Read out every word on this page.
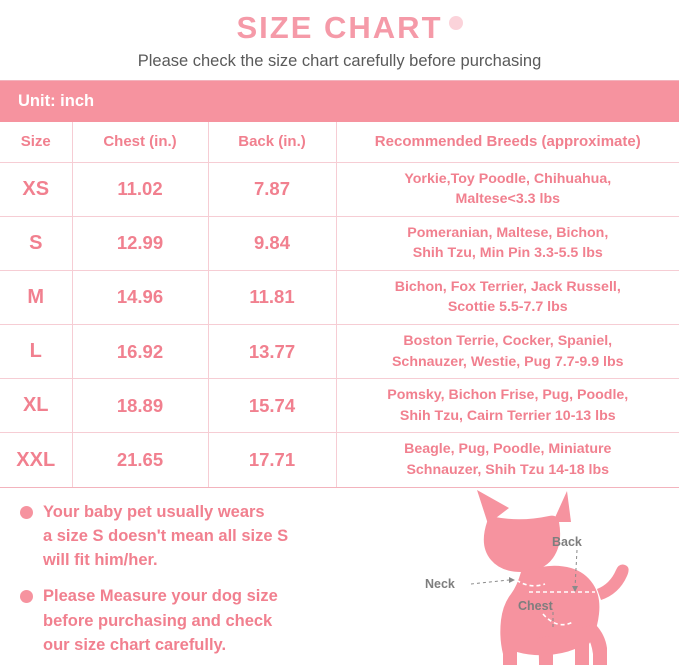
SIZE CHART

Please check the size chart carefully before purchasing

Unit: inch			
Size	Chest (in.)	Back (in.)	Recommended Breeds (approximate)
XS	11.02	7.87	Yorkie,Toy Poodle, Chihuahua,
Maltese<3.3 lbs

S	12.99	9.84	Pomeranian, Maltese, Bichon,
Shih Tzu, Min Pin 3.3-5.5 lbs

M	14.96	11.81	Bichon, Fox Terrier, Jack Russell,
Scottie 5.5-7.7 lbs

L	16.92	13.77	Boston Terrie, Cocker, Spaniel,
Schnauzer, Westie, Pug 7.7-9.9 lbs

XL	18.89	15.74	Pomsky, Bichon Frise, Pug, Poodle,
Shih Tzu, Cairn Terrier 10-13 lbs

XXL	21.65	17.71	Beagle, Pug, Poodle, Miniature
Schnauzer, Shih Tzu 14-18 lbs
Your baby pet usually wears
a size S doesn't mean all size S
will fit him/her.
Please Measure your dog size
before purchasing and check
our size chart carefully.
Neck
Back
Chest
